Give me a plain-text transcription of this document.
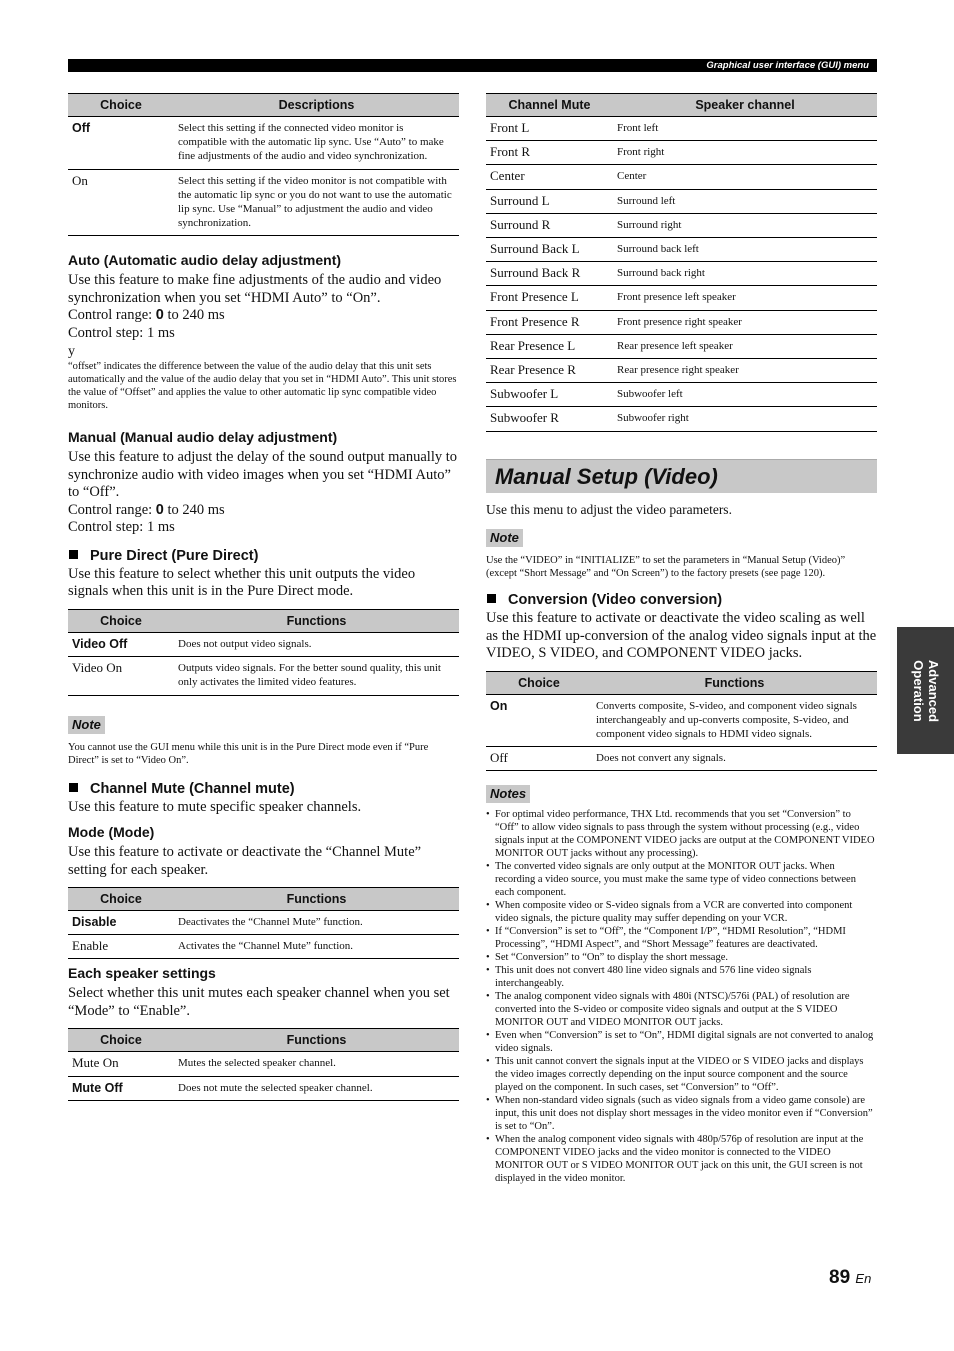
Graphical user interface (GUI) menu
Choice	Descriptions
Off	Select this setting if the connected video monitor is compatible with the automatic lip sync. Use “Auto” to make fine adjustments of the audio and video synchronization.
On	Select this setting if the video monitor is not compatible with the automatic lip sync or you do not want to use the automatic lip sync. Use “Manual” to adjustment the audio and video synchronization.
Auto (Automatic audio delay adjustment)

Use this feature to make fine adjustments of the audio and video synchronization when you set “HDMI Auto” to “On”.

Control range: 0 to 240 ms

Control step: 1 ms

y

“offset” indicates the difference between the value of the audio delay that this unit sets automatically and the value of the audio delay that you set in “HDMI Auto”. This unit stores the value of “Offset” and applies the value to other automatic lip sync compatible video monitors.

Manual (Manual audio delay adjustment)

Use this feature to adjust the delay of the sound output manually to synchronize audio with video images when you set “HDMI Auto” to “Off”.

Control range: 0 to 240 ms

Control step: 1 ms

Pure Direct (Pure Direct)

Use this feature to select whether this unit outputs the video signals when this unit is in the Pure Direct mode.

Choice	Functions
Video Off	Does not output video signals.
Video On	Outputs video signals. For the better sound quality, this unit only activates the limited video features.
Note

You cannot use the GUI menu while this unit is in the Pure Direct mode even if “Pure Direct” is set to “Video On”.

Channel Mute (Channel mute)

Use this feature to mute specific speaker channels.

Mode (Mode)

Use this feature to activate or deactivate the “Channel Mute” setting for each speaker.

Choice	Functions
Disable	Deactivates the “Channel Mute” function.
Enable	Activates the “Channel Mute” function.
Each speaker settings

Select whether this unit mutes each speaker channel when you set “Mode” to “Enable”.

Choice	Functions
Mute On	Mutes the selected speaker channel.
Mute Off	Does not mute the selected speaker channel.
Channel Mute	Speaker channel
Front L	Front left
Front R	Front right
Center	Center
Surround L	Surround left
Surround R	Surround right
Surround Back L	Surround back left
Surround Back R	Surround back right
Front Presence L	Front presence left speaker
Front Presence R	Front presence right speaker
Rear Presence L	Rear presence left speaker
Rear Presence R	Rear presence right speaker
Subwoofer L	Subwoofer left
Subwoofer R	Subwoofer right
Manual Setup (Video)

Use this menu to adjust the video parameters.

Note

Use the “VIDEO” in “INITIALIZE” to set the parameters in “Manual Setup (Video)” (except “Short Message” and “On Screen”) to the factory presets (see page 120).

Conversion (Video conversion)

Use this feature to activate or deactivate the video scaling as well as the HDMI up-conversion of the analog video signals input at the VIDEO, S VIDEO, and COMPONENT VIDEO jacks.

Choice	Functions
On	Converts composite, S-video, and component video signals interchangeably and up-converts composite, S-video, and component video signals to HDMI video signals.
Off	Does not convert any signals.
Notes
• For optimal video performance, THX Ltd. recommends that you set “Conversion” to “Off” to allow video signals to pass through the system without processing (e.g., video signals input at the COMPONENT VIDEO jacks are output at the COMPONENT VIDEO MONITOR OUT jacks without any processing).
• The converted video signals are only output at the MONITOR OUT jacks. When recording a video source, you must make the same type of video connections between each component.
• When composite video or S-video signals from a VCR are converted into component video signals, the picture quality may suffer depending on your VCR.
• If “Conversion” is set to “Off”, the “Component I/P”, “HDMI Resolution”, “HDMI Processing”, “HDMI Aspect”, and “Short Message” features are deactivated.
• Set “Conversion” to “On” to display the short message.
• This unit does not convert 480 line video signals and 576 line video signals interchangeably.
• The analog component video signals with 480i (NTSC)/576i (PAL) of resolution are converted into the S-video or composite video signals and output at the S VIDEO MONITOR OUT and VIDEO MONITOR OUT jacks.
• Even when “Conversion” is set to “On”, HDMI digital signals are not converted to analog video signals.
• This unit cannot convert the signals input at the VIDEO or S VIDEO jacks and displays the video images correctly depending on the input source component and the source played on the component. In such cases, set “Conversion” to “Off”.
• When non-standard video signals (such as video signals from a video game console) are input, this unit does not display short messages in the video monitor even if “Conversion” is set to “On”.
• When the analog component video signals with 480p/576p of resolution are input at the COMPONENT VIDEO jacks and the video monitor is connected to the VIDEO MONITOR OUT or S VIDEO MONITOR OUT jack on this unit, the GUI screen is not displayed in the video monitor.
Advanced
Operation
89 En
